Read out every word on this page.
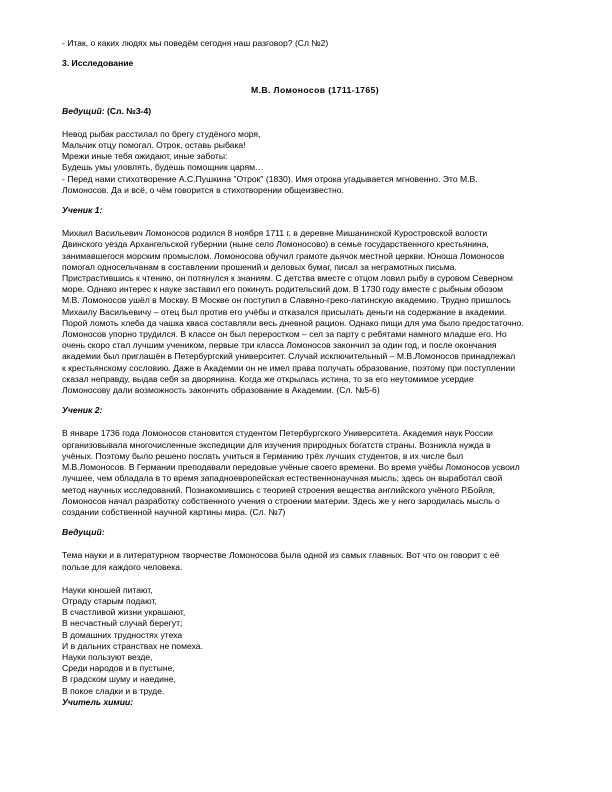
- Итак, о каких людях мы поведём сегодня наш разговор? (Сл №2)

3. Исследование

М.В. Ломоносов (1711-1765)

Ведущий: (Сл. №3-4)

Невод рыбак расстилал по брегу студёного моря,

Мальчик отцу помогал. Отрок, оставь рыбака!

Мрежи иные тебя ожидают, иные заботы:

Будешь умы уловлять, будешь помощник царям…

- Перед нами стихотворение А.С.Пушкина "Отрок" (1830). Имя отрока угадывается мгновенно. Это М.В.

Ломоносов. Да и всё, о чём говорится в стихотворении общеизвестно.

Ученик 1:

Михаил Васильевич Ломоносов родился 8 ноября 1711 г. в деревне Мишанинской Куростровской волости

Двинского уезда Архангельской губернии (ныне село Ломоносово) в семье государственного крестьянина,

занимавшегося морским промыслом. Ломоносова обучил грамоте дьячок местной церкви. Юноша Ломоносов

помогал односельчанам в составлении прошений и деловых бумаг, писал за неграмотных письма.

Пристрастившись к чтению, он потянулся к знаниям. С детства вместе с отцом ловил рыбу в суровом Северном

море. Однако интерес к науке заставил его покинуть родительский дом. В 1730 году вместе с рыбным обозом

М.В. Ломоносов ушёл в Москву. В Москве он поступил в Славяно-греко-латинскую академию. Трудно пришлось

Михаилу Васильевичу – отец был против его учёбы и отказался присылать деньги на содержание в академии.

Порой ломоть хлеба да чашка кваса составляли весь дневной рацион. Однако пищи для ума было предостаточно.

Ломоносов упорно трудился. В классе он был переростком – сел за парту с ребятами намного младше его. Но

очень скоро стал лучшим учеником, первые три класса Ломоносов закончил за один год, и после окончания

академии был приглашён в Петербургский университет. Случай исключительный – М.В.Ломоносов принадлежал

к крестьянскому сословию. Даже в Академии он не имел права получать образование, поэтому при поступлении

сказал неправду, выдав себя за дворянина. Когда же открылась истина, то за его неутомимое усердие

Ломоносову дали возможность закончить образование в Академии. (Сл. №5-6)

Ученик 2:

В январе 1736 года Ломоносов становится студентом Петербургского Университета. Академия наук России

организовывала многочисленные экспедиции для изучения природных богатств страны. Возникла нужда в

учёных. Поэтому было решено послать учиться в Германию трёх лучших студентов, в их числе был

М.В.Ломоносов. В Германии преподавали передовые учёные своего времени. Во время учёбы Ломоносов усвоил

лучшее, чем обладала в то время западноевропейская естественнонаучная мысль; здесь он выработал свой

метод научных исследований. Познакомившись с теорией строения вещества английского учёного Р.Бойля,

Ломоносов начал разработку собственного учения о строении материи. Здесь же у него зародилась мысль о

создании собственной научной картины мира. (Сл. №7)

Ведущий:

Тема науки и в литературном творчестве Ломоносова была одной из самых главных. Вот что он говорит с её

пользе для каждого человека.

Науки юношей питают,

Отраду старым подают,

В счастливой жизни украшают,

В несчастный случай берегут;

В домашних трудностях утеха

И в дальних странствах не помеха.

Науки пользуют везде,

Среди народов и в пустыне,

В градском шуму и наедине,

В покое сладки и в труде.

Учитель химии:
